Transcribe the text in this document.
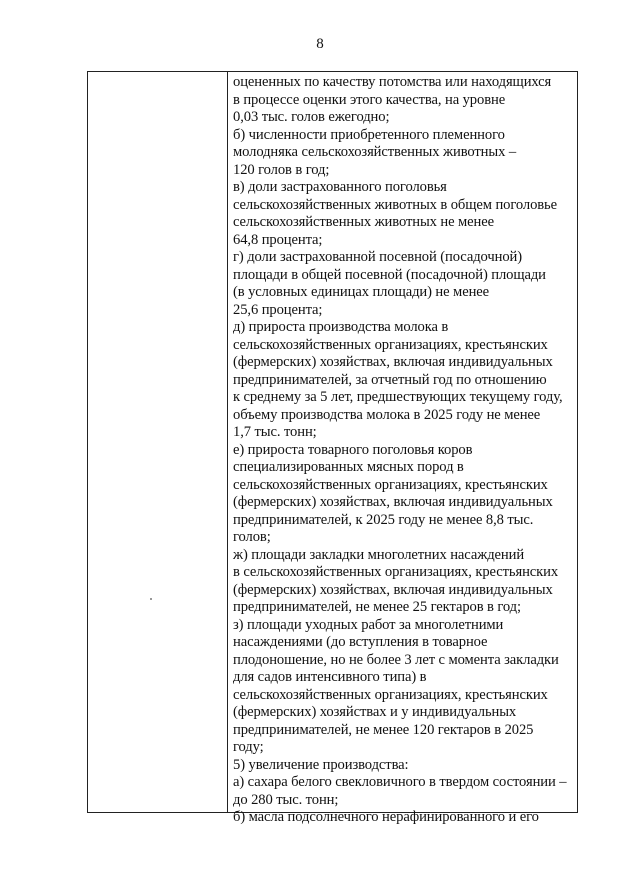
8
оцененных по качеству потомства или находящихся
в процессе оценки этого качества, на уровне
0,03 тыс. голов ежегодно;
б) численности приобретенного племенного
молодняка сельскохозяйственных животных –
120 голов в год;
в) доли застрахованного поголовья
сельскохозяйственных животных в общем поголовье
сельскохозяйственных животных не менее
64,8 процента;
г) доли застрахованной посевной (посадочной)
площади в общей посевной (посадочной) площади
(в условных единицах площади) не менее
25,6 процента;
д) прироста производства молока в
сельскохозяйственных организациях, крестьянских
(фермерских) хозяйствах, включая индивидуальных
предпринимателей, за отчетный год по отношению
к среднему за 5 лет, предшествующих текущему году,
объему производства молока в 2025 году не менее
1,7 тыс. тонн;
е) прироста товарного поголовья коров
специализированных мясных пород в
сельскохозяйственных организациях, крестьянских
(фермерских) хозяйствах, включая индивидуальных
предпринимателей, к 2025 году не менее 8,8 тыс.
голов;
ж) площади закладки многолетних насаждений
в сельскохозяйственных организациях, крестьянских
(фермерских) хозяйствах, включая индивидуальных
предпринимателей, не менее 25 гектаров в год;
з) площади уходных работ за многолетними
насаждениями (до вступления в товарное
плодоношение, но не более 3 лет с момента закладки
для садов интенсивного типа) в
сельскохозяйственных организациях, крестьянских
(фермерских) хозяйствах и у индивидуальных
предпринимателей, не менее 120 гектаров в 2025
году;
5) увеличение производства:
а) сахара белого свекловичного в твердом состоянии –
до 280 тыс. тонн;
б) масла подсолнечного нерафинированного и его
